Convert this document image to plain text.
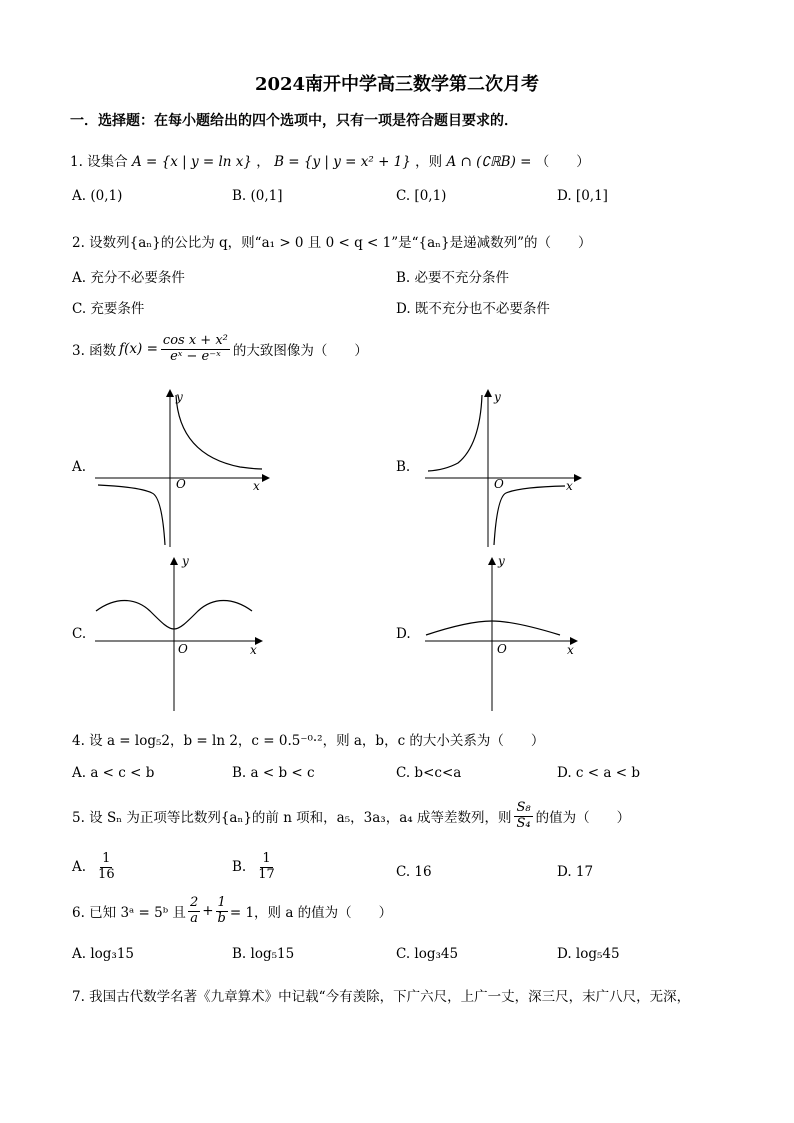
2024南开中学高三数学第二次月考
一．选择题：在每小题给出的四个选项中，只有一项是符合题目要求的．
1. 设集合 A = {x | y = ln x} ， B = {y | y = x² + 1} ，则 A ∩ (∁ℝB) = （　　）
A. (0,1)	B. (0,1]	C. [0,1)	D. [0,1]
2. 设数列{aₙ}的公比为 q，则“a₁ > 0 且 0 < q < 1”是“{aₙ}是递减数列”的（　　）
A. 充分不必要条件	B. 必要不充分条件
C. 充要条件	D. 既不充分也不必要条件
3. 函数 $f(x) = \frac{\text{cos x + x²}}{\text{eˣ − e⁻ˣ}}$ 的大致图像为（　　）
A.	B.
C.	D.
O	x
y
O	x
y
O	x
y
O	x
y
4. 设 a = log₅2，b = ln 2，c = 0.5⁻⁰·²，则 a，b，c 的大小关系为（　　）
A. a < c < b	B. a < b < c	C. b<c<a	D. c < a < b
5. 设 Sₙ 为正项等比数列{aₙ}的前 n 项和，a₅，3a₃，a₄ 成等差数列，则 $\frac{\text{S₈}}{\text{S₄}}$ 的值为（　　）
A. $\frac{1}{16}$	B. $\frac{1}{17}$	C. 16	D. 17
6. 已知 3ᵃ = 5ᵇ 且 $\frac{2}{a} + \frac{1}{b} = 1$，则 a 的值为（　　）
A. log₃15	B. log₅15	C. log₃45	D. log₅45
7. 我国古代数学名著《九章算术》中记载“今有羡除，下广六尺，上广一丈，深三尺，末广八尺，无深，
